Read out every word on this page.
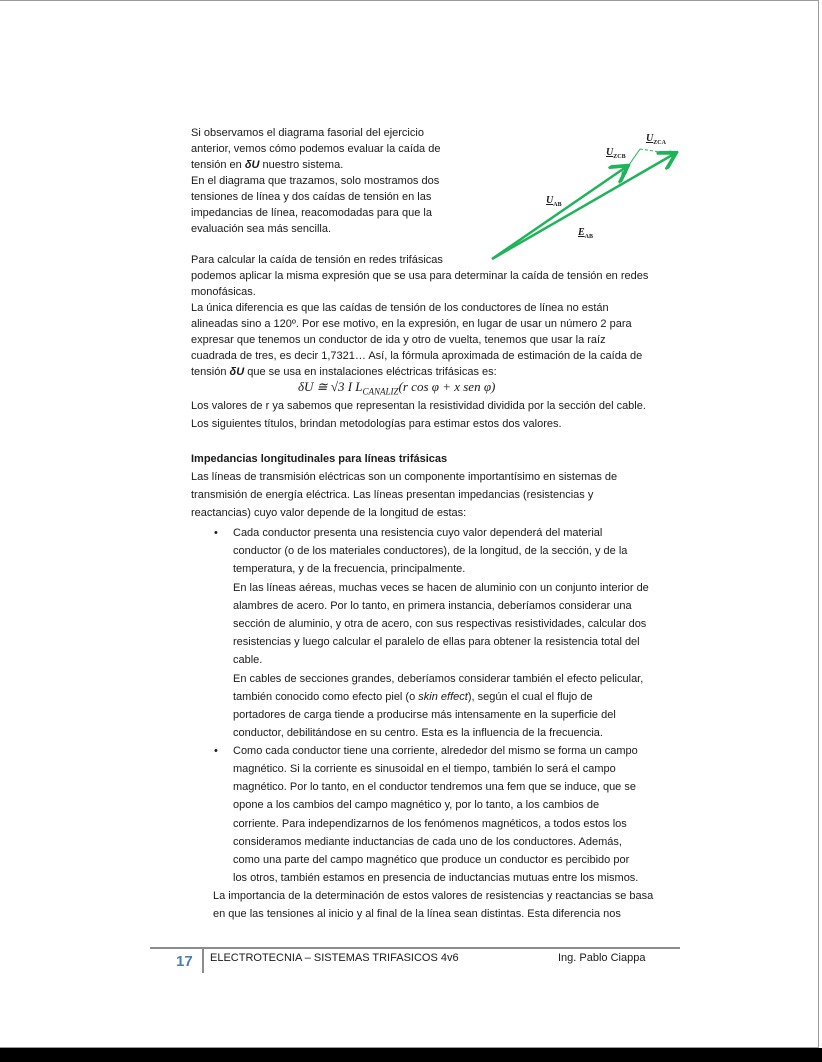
Si observamos el diagrama fasorial del ejercicio
anterior, vemos cómo podemos evaluar la caída de
tensión en δU nuestro sistema.
En el diagrama que trazamos, solo mostramos dos
tensiones de línea y dos caídas de tensión en las
impedancias de línea, reacomodadas para que la
evaluación sea más sencilla.
Para calcular la caída de tensión en redes trifásicas
podemos aplicar la misma expresión que se usa para determinar la caída de tensión en redes
monofásicas.
La única diferencia es que las caídas de tensión de los conductores de línea no están
alineadas sino a 120º. Por ese motivo, en la expresión, en lugar de usar un número 2 para
expresar que tenemos un conductor de ida y otro de vuelta, tenemos que usar la raíz
cuadrada de tres, es decir 1,7321… Así, la fórmula aproximada de estimación de la caída de
tensión δU que se usa en instalaciones eléctricas trifásicas es:
Los valores de r ya sabemos que representan la resistividad dividida por la sección del cable.
Los siguientes títulos, brindan metodologías para estimar estos dos valores.
Las líneas de transmisión eléctricas son un componente importantísimo en sistemas de
transmisión de energía eléctrica. Las líneas presentan impedancias (resistencias y
reactancias) cuyo valor depende de la longitud de estas:
Cada conductor presenta una resistencia cuyo valor dependerá del material
conductor (o de los materiales conductores), de la longitud, de la sección, y de la
temperatura, y de la frecuencia, principalmente.
En las líneas aéreas, muchas veces se hacen de aluminio con un conjunto interior de
alambres de acero. Por lo tanto, en primera instancia, deberíamos considerar una
sección de aluminio, y otra de acero, con sus respectivas resistividades, calcular dos
resistencias y luego calcular el paralelo de ellas para obtener la resistencia total del
cable.
En cables de secciones grandes, deberíamos considerar también el efecto pelicular,
también conocido como efecto piel (o skin effect), según el cual el flujo de
portadores de carga tiende a producirse más intensamente en la superficie del
conductor, debilitándose en su centro. Esta es la influencia de la frecuencia.
Como cada conductor tiene una corriente, alrededor del mismo se forma un campo
magnético. Si la corriente es sinusoidal en el tiempo, también lo será el campo
magnético. Por lo tanto, en el conductor tendremos una fem que se induce, que se
opone a los cambios del campo magnético y, por lo tanto, a los cambios de
corriente. Para independizarnos de los fenómenos magnéticos, a todos estos los
consideramos mediante inductancias de cada uno de los conductores. Además,
como una parte del campo magnético que produce un conductor es percibido por
los otros, también estamos en presencia de inductancias mutuas entre los mismos.
La importancia de la determinación de estos valores de resistencias y reactancias se basa
en que las tensiones al inicio y al final de la línea sean distintas. Esta diferencia nos
Impedancias longitudinales para líneas trifásicas
•
•
δU ≅ √3 I $L_{CANALIZ}(r$ cos φ + x sen φ)
$U_{ZCA}$
$U_{ZCB}$
$U_{AB}$
$E_{AB}$
17 ELECTROTECNIA – SISTEMAS TRIFASICOS 4v6	Ing. Pablo Ciappa
